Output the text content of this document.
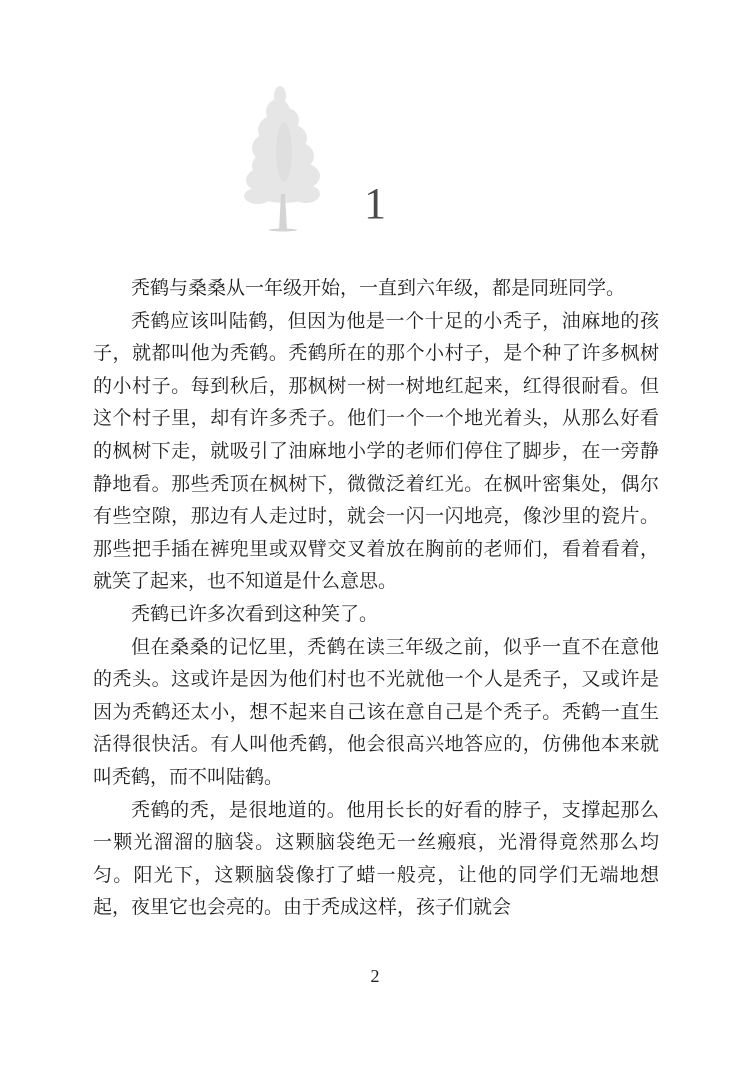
1

秃鹤与桑桑从一年级开始，一直到六年级，都是同班同学。

秃鹤应该叫陆鹤，但因为他是一个十足的小秃子，油麻地的孩子，就都叫他为秃鹤。秃鹤所在的那个小村子，是个种了许多枫树的小村子。每到秋后，那枫树一树一树地红起来，红得很耐看。但这个村子里，却有许多秃子。他们一个一个地光着头，从那么好看的枫树下走，就吸引了油麻地小学的老师们停住了脚步，在一旁静静地看。那些秃顶在枫树下，微微泛着红光。在枫叶密集处，偶尔有些空隙，那边有人走过时，就会一闪一闪地亮，像沙里的瓷片。那些把手插在裤兜里或双臂交叉着放在胸前的老师们，看着看着，就笑了起来，也不知道是什么意思。

秃鹤已许多次看到这种笑了。

但在桑桑的记忆里，秃鹤在读三年级之前，似乎一直不在意他的秃头。这或许是因为他们村也不光就他一个人是秃子，又或许是因为秃鹤还太小，想不起来自己该在意自己是个秃子。秃鹤一直生活得很快活。有人叫他秃鹤，他会很高兴地答应的，仿佛他本来就叫秃鹤，而不叫陆鹤。

秃鹤的秃，是很地道的。他用长长的好看的脖子，支撑起那么一颗光溜溜的脑袋。这颗脑袋绝无一丝瘢痕，光滑得竟然那么均匀。阳光下，这颗脑袋像打了蜡一般亮，让他的同学们无端地想起，夜里它也会亮的。由于秃成这样，孩子们就会

2
